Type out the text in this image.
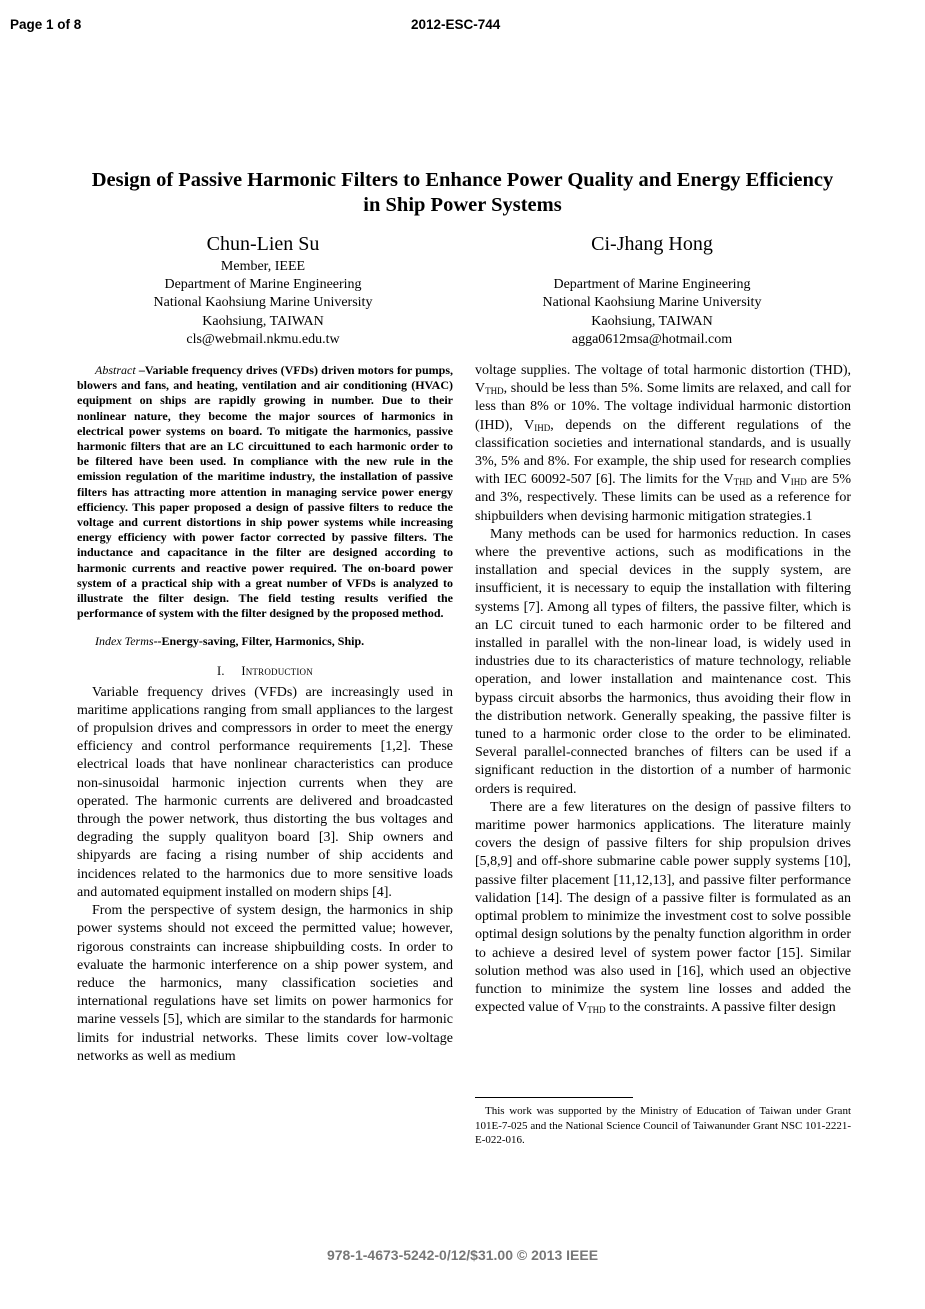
Page 1 of 8	2012-ESC-744
Design of Passive Harmonic Filters to Enhance Power Quality and Energy Efficiency
in Ship Power Systems
Chun-Lien Su
Member, IEEE
Department of Marine Engineering
National Kaohsiung Marine University
Kaohsiung, TAIWAN
cls@webmail.nkmu.edu.tw
Ci-Jhang Hong
Department of Marine Engineering
National Kaohsiung Marine University
Kaohsiung, TAIWAN
agga0612msa@hotmail.com

Abstract –Variable frequency drives (VFDs) driven motors for pumps, blowers and fans, and heating, ventilation and air conditioning (HVAC) equipment on ships are rapidly growing in number. Due to their nonlinear nature, they become the major sources of harmonics in electrical power systems on board. To mitigate the harmonics, passive harmonic filters that are an LC circuittuned to each harmonic order to be filtered have been used. In compliance with the new rule in the emission regulation of the maritime industry, the installation of passive filters has attracting more attention in managing service power energy efficiency. This paper proposed a design of passive filters to reduce the voltage and current distortions in ship power systems while increasing energy efficiency with power factor corrected by passive filters. The inductance and capacitance in the filter are designed according to harmonic currents and reactive power required. The on-board power system of a practical ship with a great number of VFDs is analyzed to illustrate the filter design. The field testing results verified the performance of system with the filter designed by the proposed method.

Index Terms--Energy-saving, Filter, Harmonics, Ship.

I. Introduction

Variable frequency drives (VFDs) are increasingly used in maritime applications ranging from small appliances to the largest of propulsion drives and compressors in order to meet the energy efficiency and control performance requirements [1,2]. These electrical loads that have nonlinear characteristics can produce non-sinusoidal harmonic injection currents when they are operated. The harmonic currents are delivered and broadcasted through the power network, thus distorting the bus voltages and degrading the supply qualityon board [3]. Ship owners and shipyards are facing a rising number of ship accidents and incidences related to the harmonics due to more sensitive loads and automated equipment installed on modern ships [4].

From the perspective of system design, the harmonics in ship power systems should not exceed the permitted value; however, rigorous constraints can increase shipbuilding costs. In order to evaluate the harmonic interference on a ship power system, and reduce the harmonics, many classification societies and international regulations have set limits on power harmonics for marine vessels [5], which are similar to the standards for harmonic limits for industrial networks. These limits cover low-voltage networks as well as medium

voltage supplies. The voltage of total harmonic distortion (THD), $V_{THD}$, should be less than 5%. Some limits are relaxed, and call for less than 8% or 10%. The voltage individual harmonic distortion (IHD), $V_{IHD}$, depends on the different regulations of the classification societies and international standards, and is usually 3%, 5% and 8%. For example, the ship used for research complies with IEC 60092-507 [6]. The limits for the $V_{THD}$ and $V_{IHD}$ are 5% and 3%, respectively. These limits can be used as a reference for shipbuilders when devising harmonic mitigation strategies.1

Many methods can be used for harmonics reduction. In cases where the preventive actions, such as modifications in the installation and special devices in the supply system, are insufficient, it is necessary to equip the installation with filtering systems [7]. Among all types of filters, the passive filter, which is an LC circuit tuned to each harmonic order to be filtered and installed in parallel with the non-linear load, is widely used in industries due to its characteristics of mature technology, reliable operation, and lower installation and maintenance cost. This bypass circuit absorbs the harmonics, thus avoiding their flow in the distribution network. Generally speaking, the passive filter is tuned to a harmonic order close to the order to be eliminated. Several parallel-connected branches of filters can be used if a significant reduction in the distortion of a number of harmonic orders is required.

There are a few literatures on the design of passive filters to maritime power harmonics applications. The literature mainly covers the design of passive filters for ship propulsion drives [5,8,9] and off-shore submarine cable power supply systems [10], passive filter placement [11,12,13], and passive filter performance validation [14]. The design of a passive filter is formulated as an optimal problem to minimize the investment cost to solve possible optimal design solutions by the penalty function algorithm in order to achieve a desired level of system power factor [15]. Similar solution method was also used in [16], which used an objective function to minimize the system line losses and added the expected value of $V_{THD}$ to the constraints. A passive filter design

This work was supported by the Ministry of Education of Taiwan under Grant 101E-7-025 and the National Science Council of Taiwanunder Grant NSC 101-2221-E-022-016.
978-1-4673-5242-0/12/$31.00 © 2013 IEEE
